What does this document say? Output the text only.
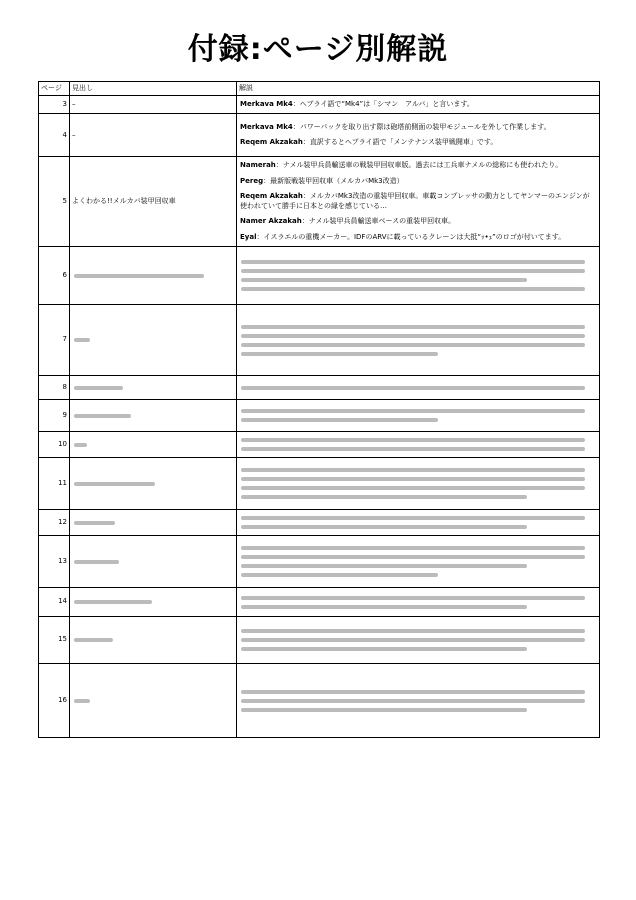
付録:ページ別解説
ページ	見出し	解説
3	–	Merkava Mk4：ヘブライ語で“Mk4”は「シマン　アルバ」と言います。

4	–	Merkava Mk4：パワーパックを取り出す際は砲塔前側面の装甲モジュールを外して作業します。
Reqem Akzakah：直訳するとヘブライ語で「メンテナンス装甲戦闘車」です。

5	よくわかる!!メルカバ装甲回収車	Namerah：ナメル装甲兵員輸送車の戦装甲回収車版。過去には工兵車ナメルの総称にも使われたり。
Pereg：最新版戦装甲回収車（メルカバMk3改造）
Reqem Akzakah：メルカバMk3改造の重装甲回収車。車載コンプレッサの動力としてヤンマーのエンジンが使われていて勝手に日本との縁を感じている…
Namer Akzakah：ナメル装甲兵員輸送車ベースの重装甲回収車。
Eyal：イスラエルの重機メーカー。IDFのARVに載っているクレーンは大抵“ｯ•ｪ”のロゴが付いてます。

6	

7	

8	

9	

10	

11	

12	

13	

14	

15	

16	
